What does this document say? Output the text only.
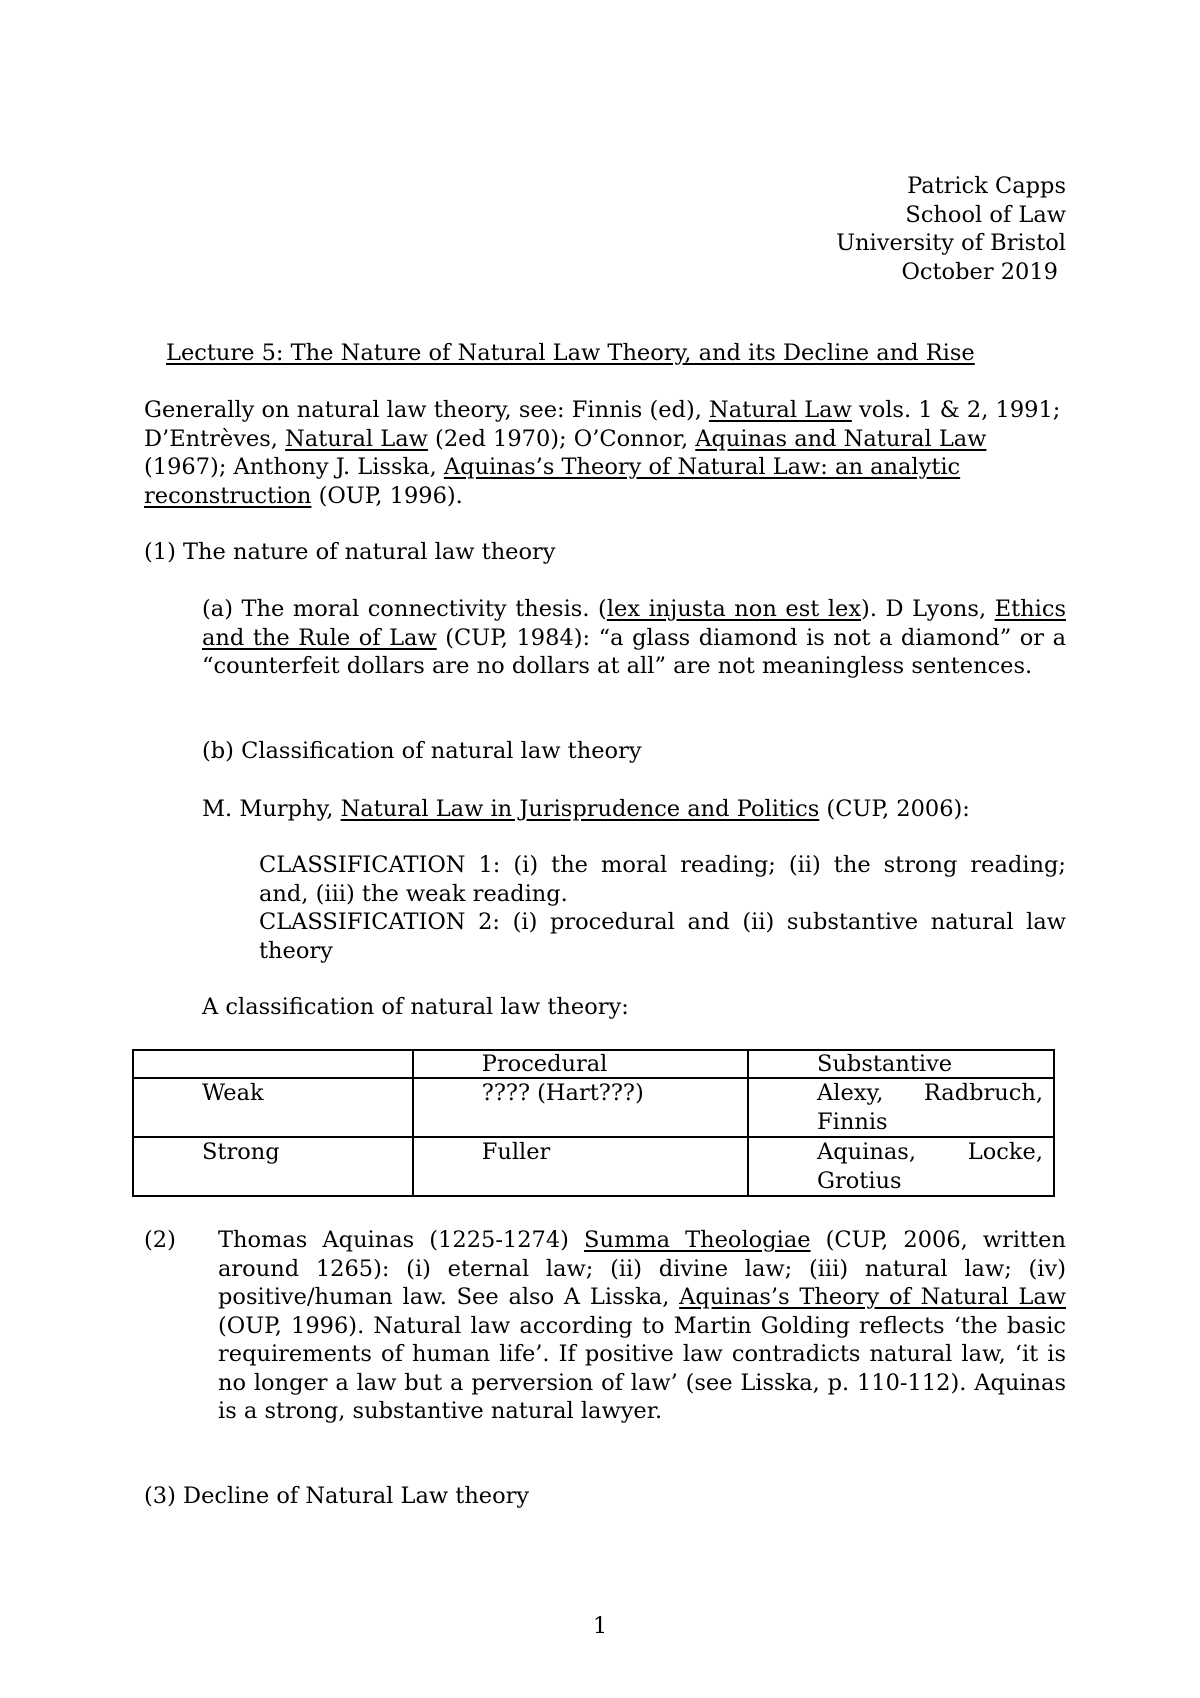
Patrick Capps
School of Law
University of Bristol
October 2019

Lecture 5: The Nature of Natural Law Theory, and its Decline and Rise

Generally on natural law theory, see: Finnis (ed), Natural Law vols. 1 & 2, 1991; D’Entrèves, Natural Law (2ed 1970); O’Connor, Aquinas and Natural Law (1967); Anthony J. Lisska, Aquinas’s Theory of Natural Law: an analytic reconstruction (OUP, 1996).

(1) The nature of natural law theory

(a) The moral connectivity thesis. (lex injusta non est lex). D Lyons, Ethics and the Rule of Law (CUP, 1984): “a glass diamond is not a diamond” or a “counterfeit dollars are no dollars at all” are not meaningless sentences.

(b) Classification of natural law theory

M. Murphy, Natural Law in Jurisprudence and Politics (CUP, 2006):

CLASSIFICATION 1: (i) the moral reading; (ii) the strong reading; and, (iii) the weak reading.

CLASSIFICATION 2: (i) procedural and (ii) substantive natural law theory

A classification of natural law theory:

	Procedural	Substantive
Weak	???? (Hart???)	Alexy, Radbruch, Finnis
Strong	Fuller	Aquinas, Locke, Grotius

(2) Thomas Aquinas (1225-1274) Summa Theologiae (CUP, 2006, written around 1265): (i) eternal law; (ii) divine law; (iii) natural law; (iv) positive/human law. See also A Lisska, Aquinas’s Theory of Natural Law (OUP, 1996). Natural law according to Martin Golding reflects ‘the basic requirements of human life’. If positive law contradicts natural law, ‘it is no longer a law but a perversion of law’ (see Lisska, p. 110-112). Aquinas is a strong, substantive natural lawyer.

(3) Decline of Natural Law theory

1
